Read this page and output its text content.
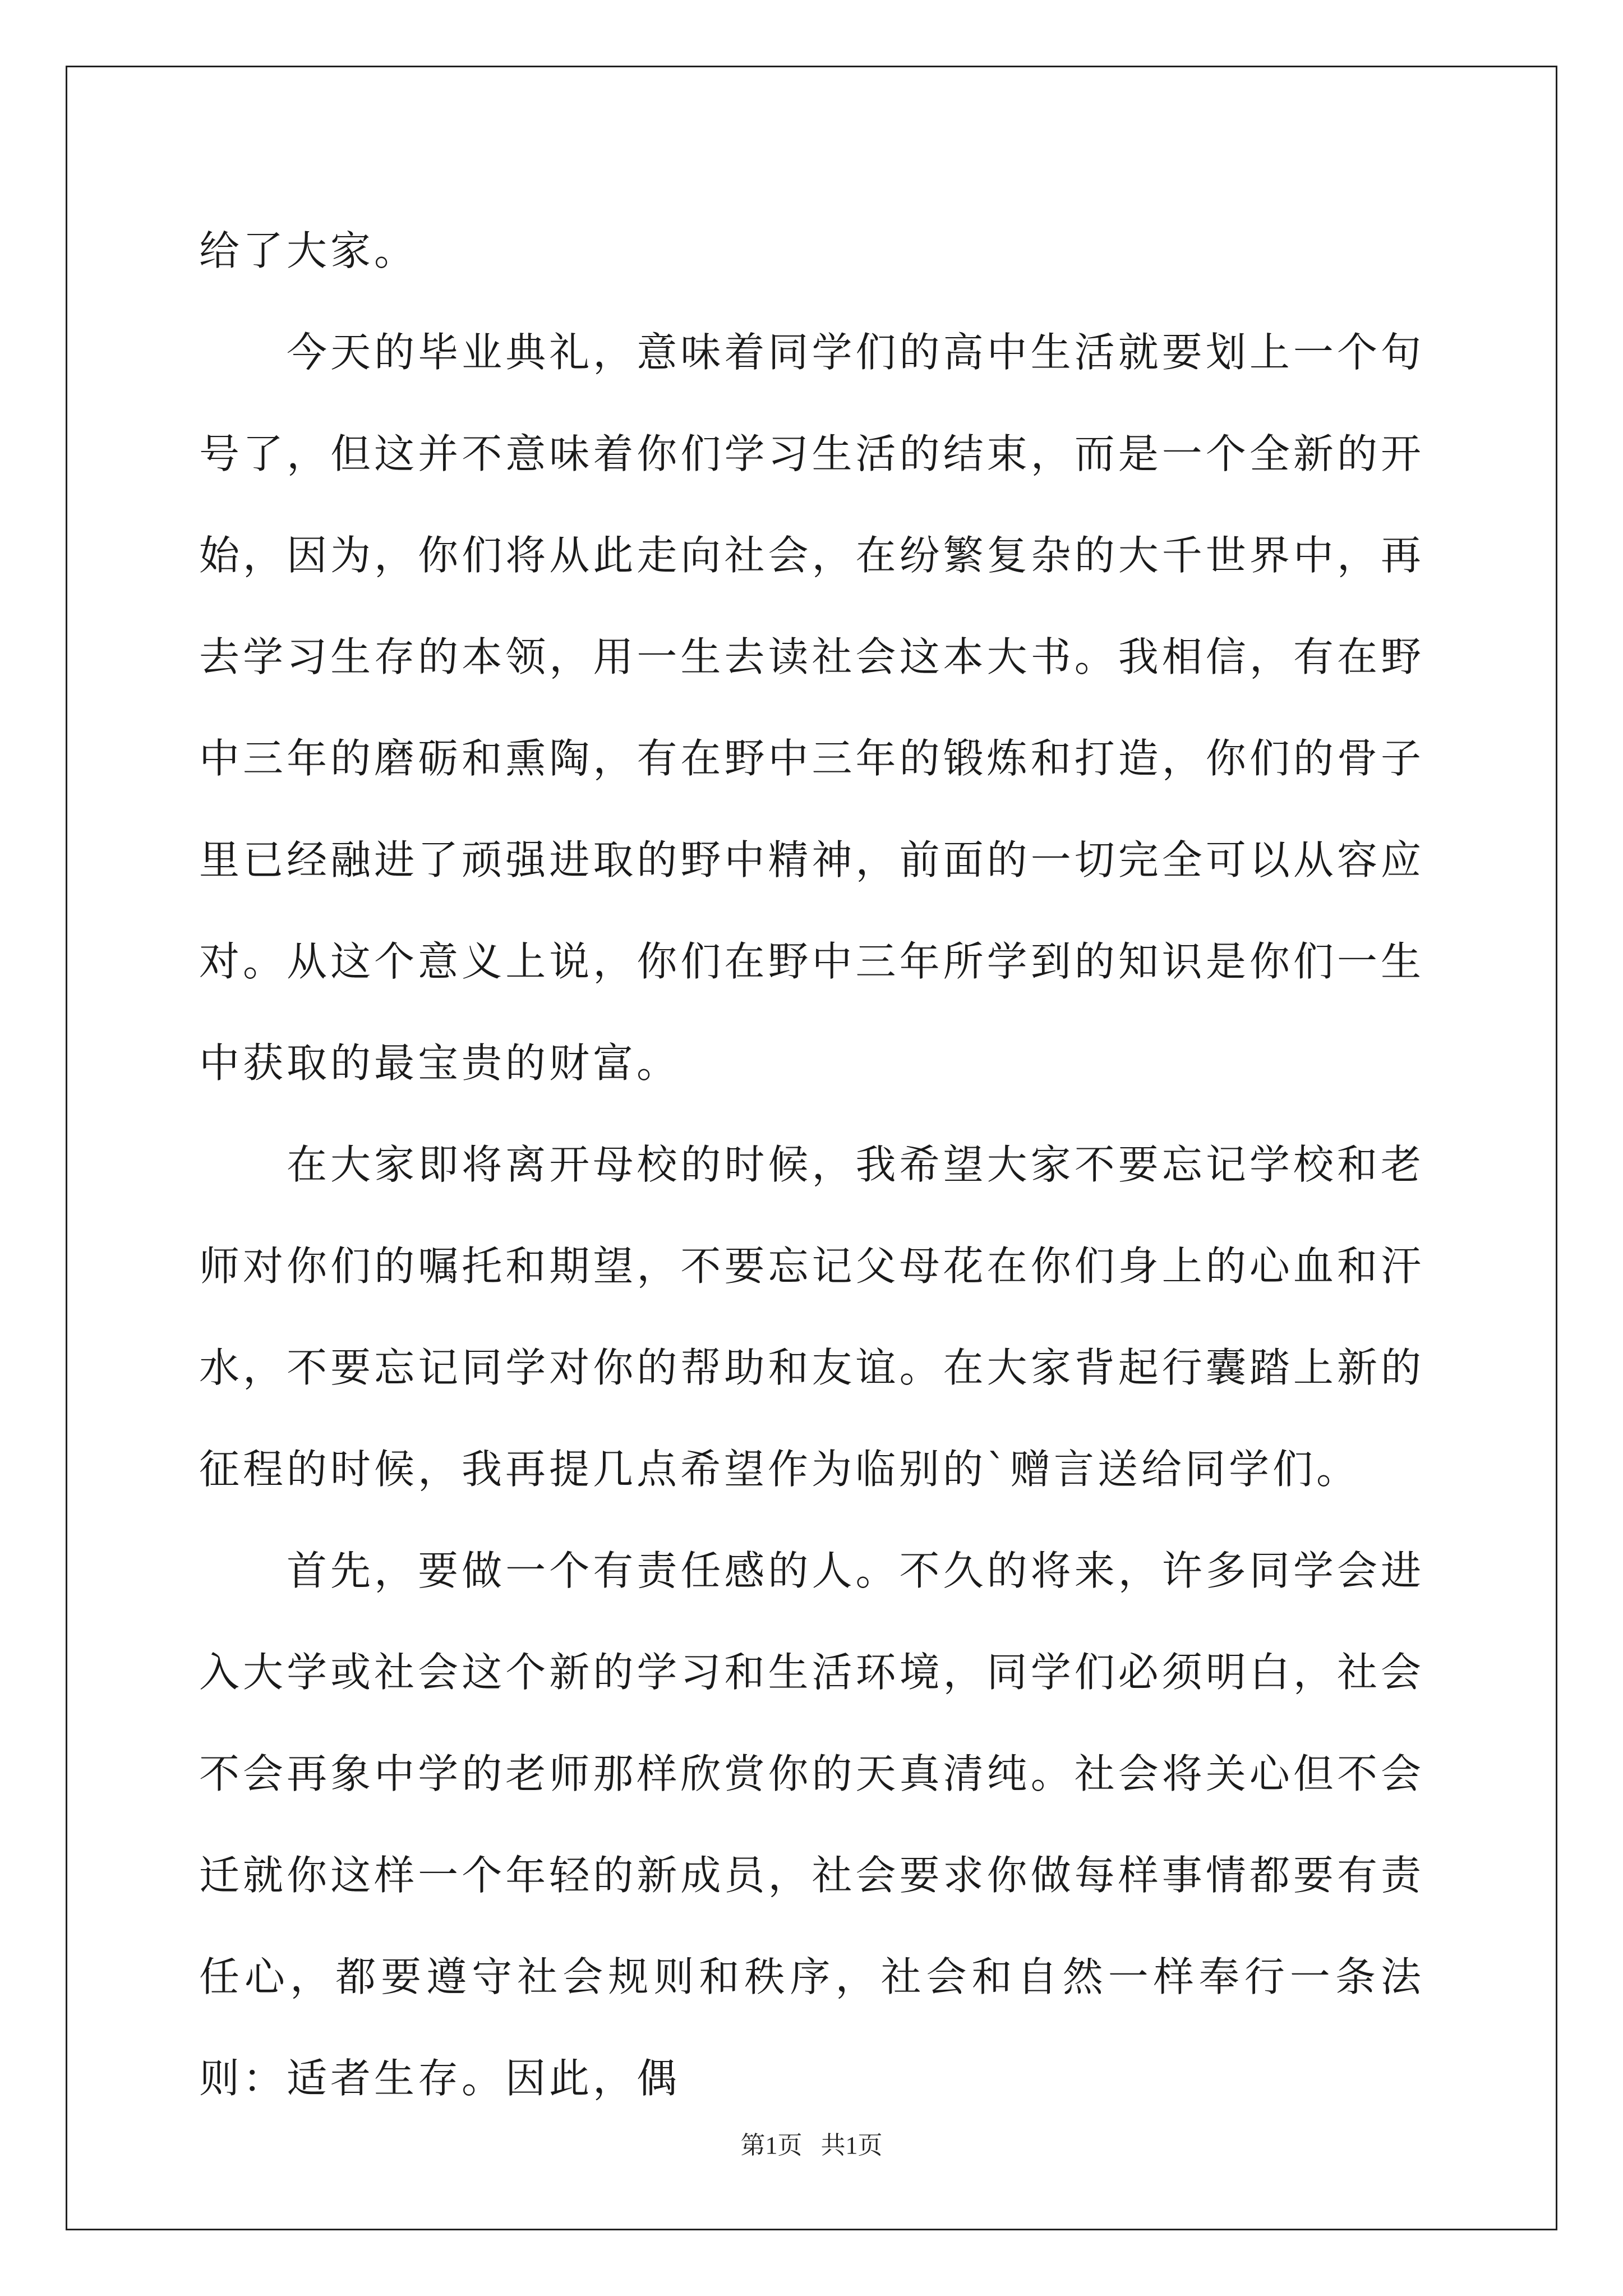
给了大家。

今天的毕业典礼，意味着同学们的高中生活就要划上一个句号了，但这并不意味着你们学习生活的结束，而是一个全新的开始，因为，你们将从此走向社会，在纷繁复杂的大千世界中，再去学习生存的本领，用一生去读社会这本大书。我相信，有在野中三年的磨砺和熏陶，有在野中三年的锻炼和打造，你们的骨子里已经融进了顽强进取的野中精神，前面的一切完全可以从容应对。从这个意义上说，你们在野中三年所学到的知识是你们一生中获取的最宝贵的财富。

在大家即将离开母校的时候，我希望大家不要忘记学校和老师对你们的嘱托和期望，不要忘记父母花在你们身上的心血和汗水，不要忘记同学对你的帮助和友谊。在大家背起行囊踏上新的征程的时候，我再提几点希望作为临别的`赠言送给同学们。

首先，要做一个有责任感的人。不久的将来，许多同学会进入大学或社会这个新的学习和生活环境，同学们必须明白，社会不会再象中学的老师那样欣赏你的天真清纯。社会将关心但不会迁就你这样一个年轻的新成员，社会要求你做每样事情都要有责任心，都要遵守社会规则和秩序，社会和自然一样奉行一条法则：适者生存。因此，偶

第1页   共1页
